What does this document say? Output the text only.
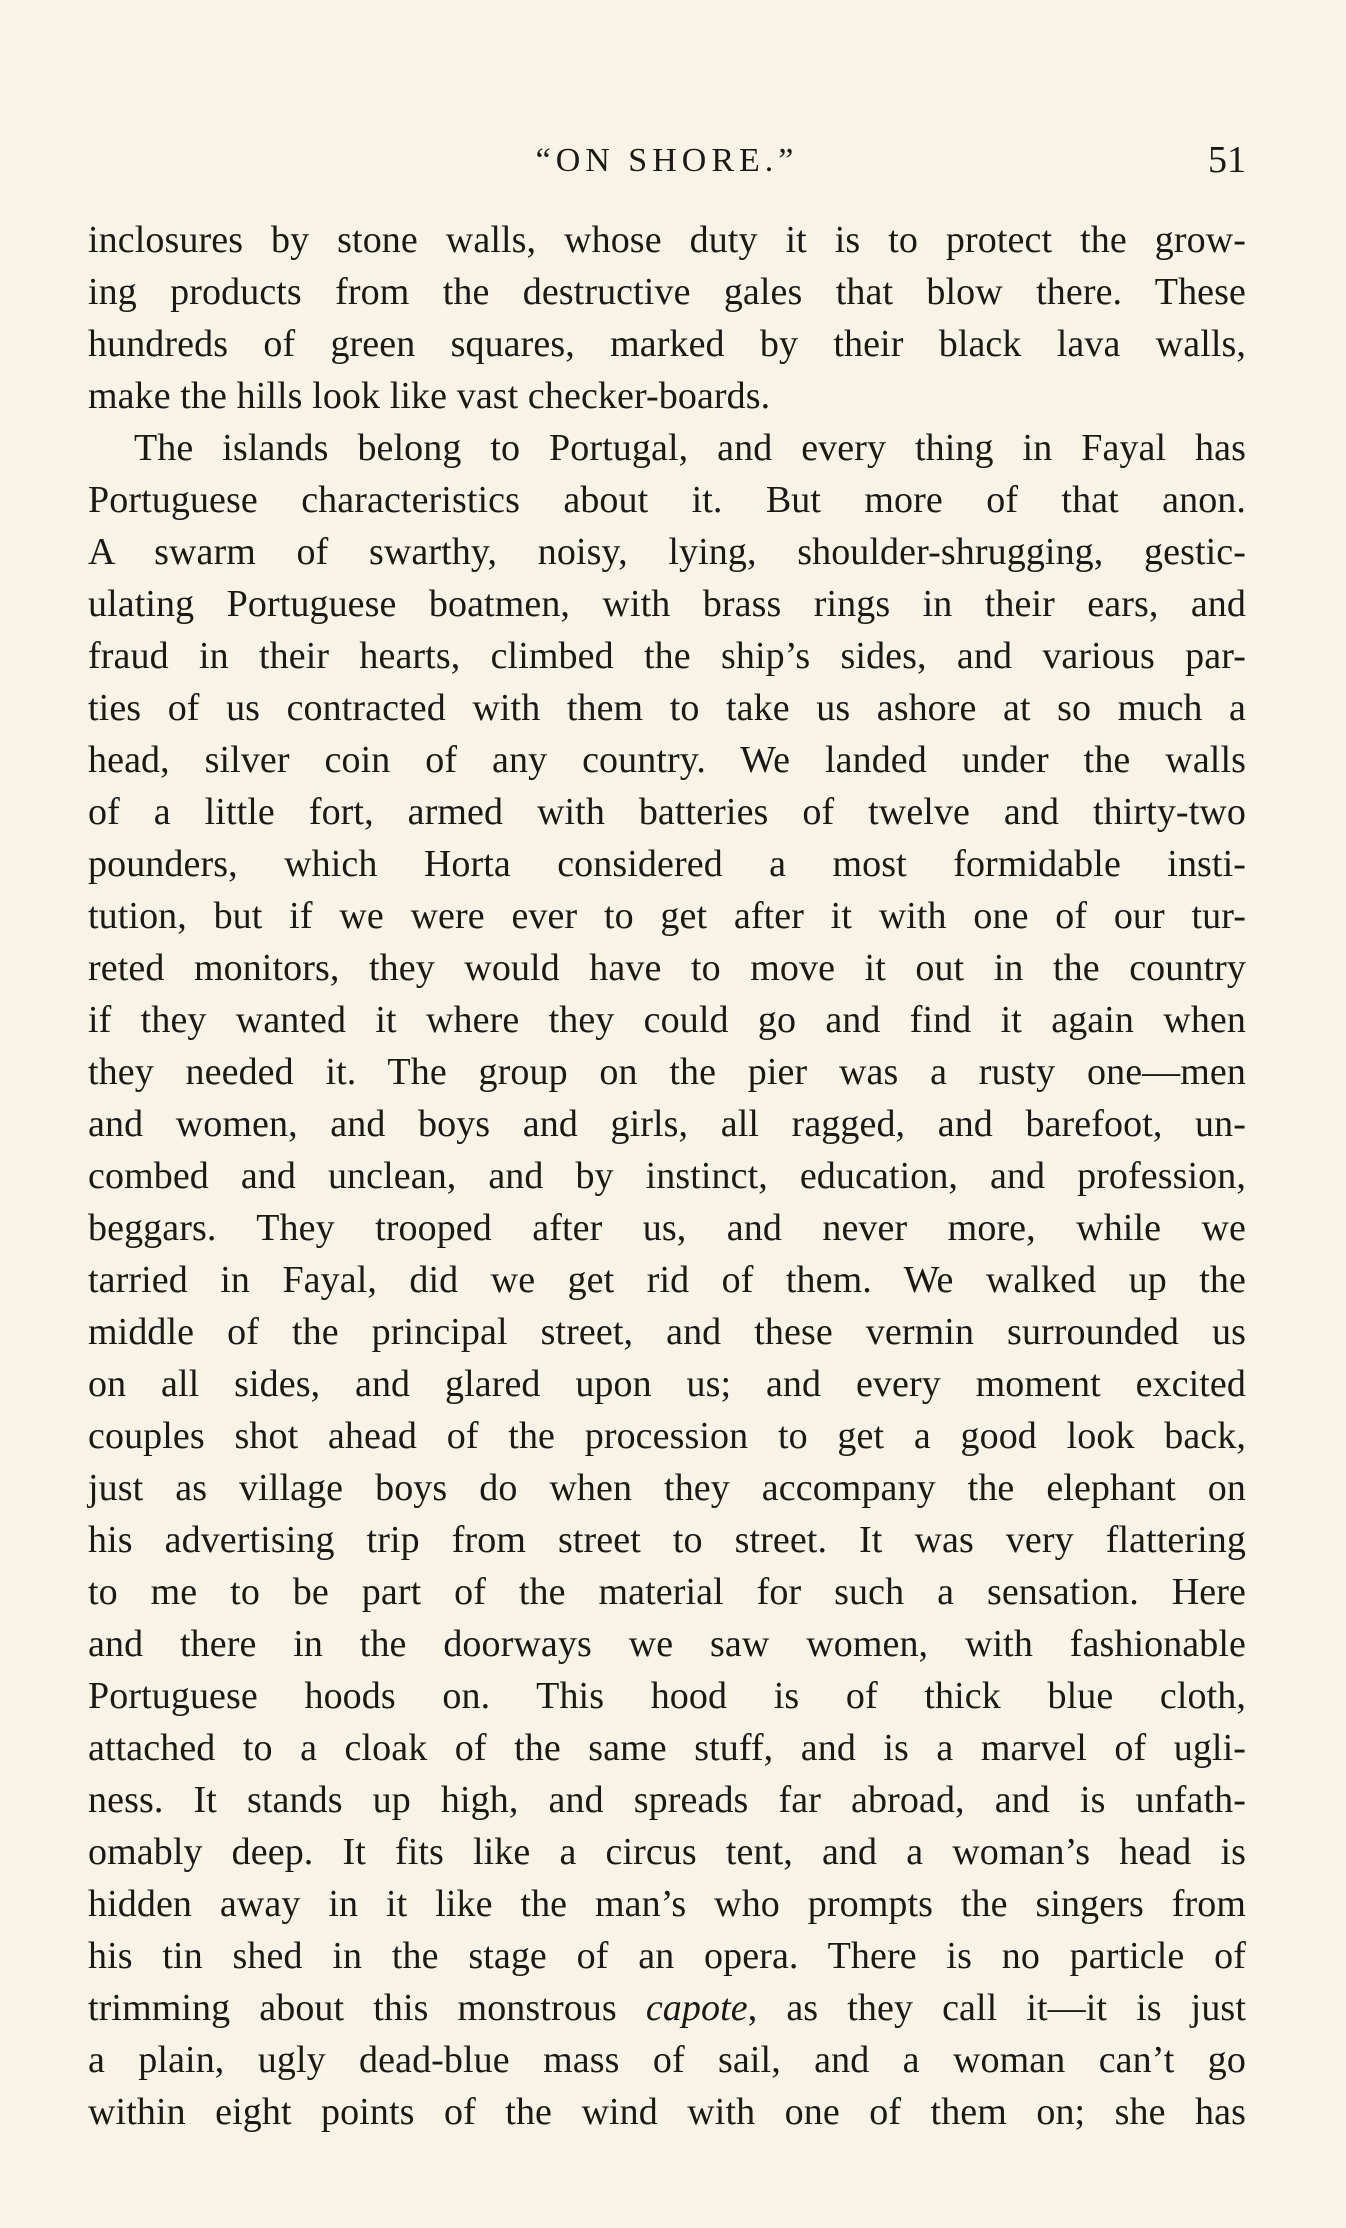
“ON SHORE.”	51
inclosures by stone walls, whose duty it is to protect the grow-
ing products from the destructive gales that blow there. These
hundreds of green squares, marked by their black lava walls,
make the hills look like vast checker-boards.
The islands belong to Portugal, and every thing in Fayal has
Portuguese characteristics about it. But more of that anon.
A swarm of swarthy, noisy, lying, shoulder-shrugging, gestic-
ulating Portuguese boatmen, with brass rings in their ears, and
fraud in their hearts, climbed the ship’s sides, and various par-
ties of us contracted with them to take us ashore at so much a
head, silver coin of any country. We landed under the walls
of a little fort, armed with batteries of twelve and thirty-two
pounders, which Horta considered a most formidable insti-
tution, but if we were ever to get after it with one of our tur-
reted monitors, they would have to move it out in the country
if they wanted it where they could go and find it again when
they needed it. The group on the pier was a rusty one—men
and women, and boys and girls, all ragged, and barefoot, un-
combed and unclean, and by instinct, education, and profession,
beggars. They trooped after us, and never more, while we
tarried in Fayal, did we get rid of them. We walked up the
middle of the principal street, and these vermin surrounded us
on all sides, and glared upon us; and every moment excited
couples shot ahead of the procession to get a good look back,
just as village boys do when they accompany the elephant on
his advertising trip from street to street. It was very flattering
to me to be part of the material for such a sensation. Here
and there in the doorways we saw women, with fashionable
Portuguese hoods on. This hood is of thick blue cloth,
attached to a cloak of the same stuff, and is a marvel of ugli-
ness. It stands up high, and spreads far abroad, and is unfath-
omably deep. It fits like a circus tent, and a woman’s head is
hidden away in it like the man’s who prompts the singers from
his tin shed in the stage of an opera. There is no particle of
trimming about this monstrous capote, as they call it—it is just
a plain, ugly dead-blue mass of sail, and a woman can’t go
within eight points of the wind with one of them on; she has
